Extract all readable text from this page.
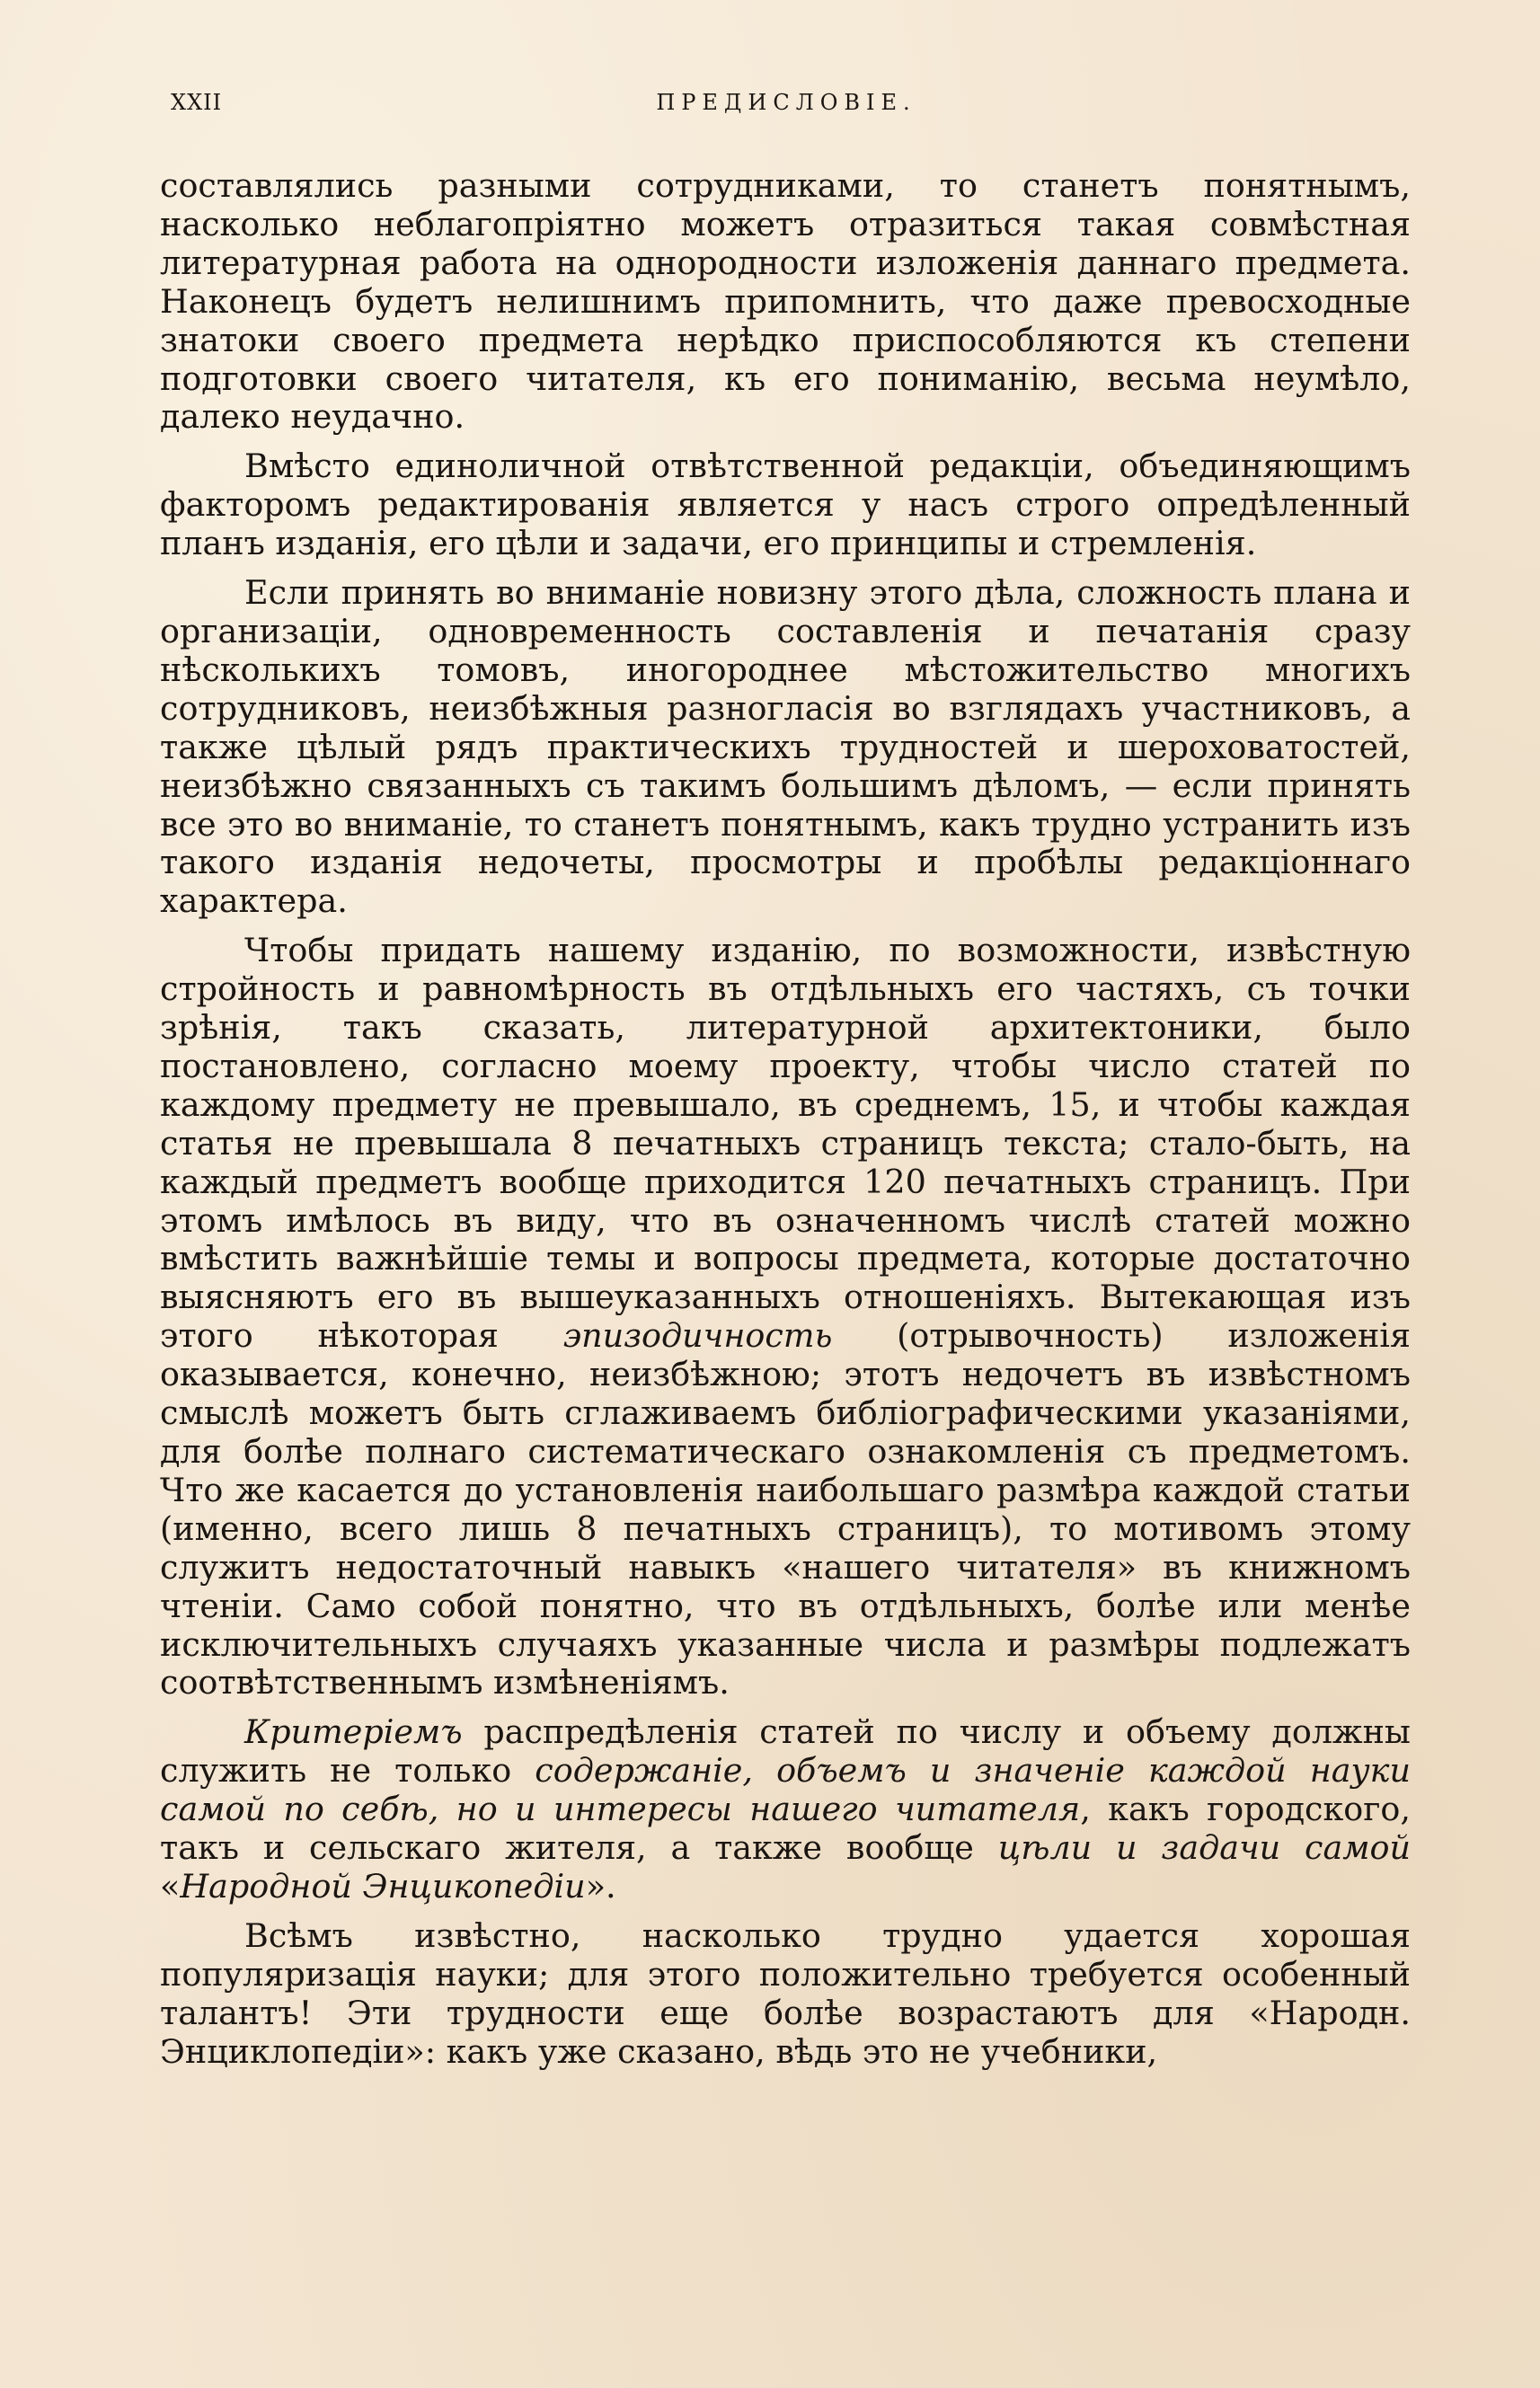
XXII	ПРЕДИСЛОВІЕ.

составлялись разными сотрудниками, то станетъ понятнымъ, насколько неблагопріятно можетъ отразиться такая совмѣстная литературная работа на однородности изложенія даннаго предмета. Наконецъ будетъ нелишнимъ припомнить, что даже превосходные знатоки своего предмета нерѣдко приспособляются къ степени подготовки своего читателя, къ его пониманію, весьма неумѣло, далеко неудачно.

Вмѣсто единоличной отвѣтственной редакціи, объединяющимъ факторомъ редактированія является у насъ строго опредѣленный планъ изданія, его цѣли и задачи, его принципы и стремленія.

Если принять во вниманіе новизну этого дѣла, сложность плана и организаціи, одновременность составленія и печатанія сразу нѣсколькихъ томовъ, иногороднее мѣстожительство многихъ сотрудниковъ, неизбѣжныя разногласія во взглядахъ участниковъ, а также цѣлый рядъ практическихъ трудностей и шероховатостей, неизбѣжно связанныхъ съ такимъ большимъ дѣломъ, — если принять все это во вниманіе, то станетъ понятнымъ, какъ трудно устранить изъ такого изданія недочеты, просмотры и пробѣлы редакціоннаго характера.

Чтобы придать нашему изданію, по возможности, извѣстную стройность и равномѣрность въ отдѣльныхъ его частяхъ, съ точки зрѣнія, такъ сказать, литературной архитектоники, было постановлено, согласно моему проекту, чтобы число статей по каждому предмету не превышало, въ среднемъ, 15, и чтобы каждая статья не превышала 8 печатныхъ страницъ текста; стало-быть, на каждый предметъ вообще приходится 120 печатныхъ страницъ. При этомъ имѣлось въ виду, что въ означенномъ числѣ статей можно вмѣстить важнѣйшіе темы и вопросы предмета, которые достаточно выясняютъ его въ вышеуказанныхъ отношеніяхъ. Вытекающая изъ этого нѣкоторая эпизодичность (отрывочность) изложенія оказывается, конечно, неизбѣжною; этотъ недочетъ въ извѣстномъ смыслѣ можетъ быть сглаживаемъ библіографическими указаніями, для болѣе полнаго систематическаго ознакомленія съ предметомъ. Что же касается до установленія наибольшаго размѣра каждой статьи (именно, всего лишь 8 печатныхъ страницъ), то мотивомъ этому служитъ недостаточный навыкъ «нашего читателя» въ книжномъ чтеніи. Само собой понятно, что въ отдѣльныхъ, болѣе или менѣе исключительныхъ случаяхъ указанные числа и размѣры подлежатъ соотвѣтственнымъ измѣненіямъ.

Критеріемъ распредѣленія статей по числу и объему должны служить не только содержаніе, объемъ и значеніе каждой науки самой по себѣ, но и интересы нашего читателя, какъ городского, такъ и сельскаго жителя, а также вообще цѣли и задачи самой «Народной Энцикопедіи».

Всѣмъ извѣстно, насколько трудно удается хорошая популяризація науки; для этого положительно требуется особенный талантъ! Эти трудности еще болѣе возрастаютъ для «Народн. Энциклопедіи»: какъ уже сказано, вѣдь это не учебники,
